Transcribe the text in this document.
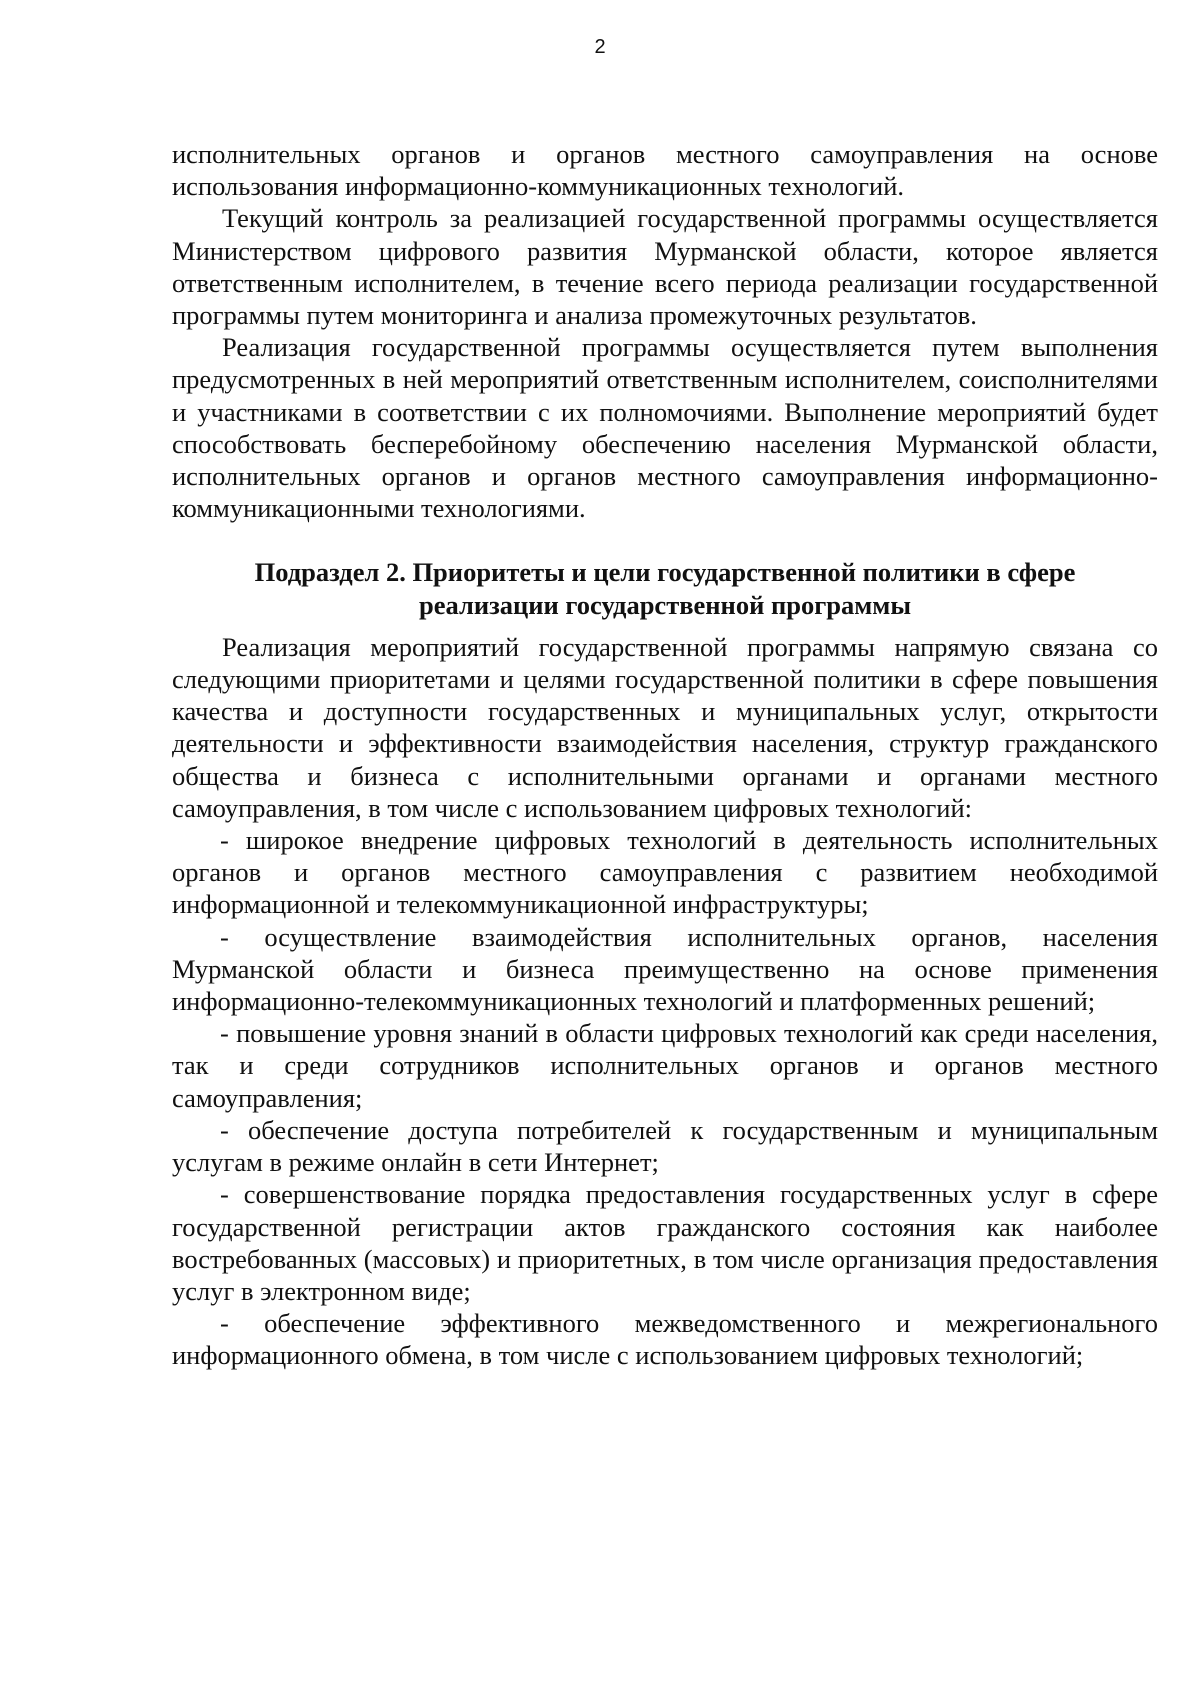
2

исполнительных органов и органов местного самоуправления на основе использования информационно-коммуникационных технологий.

Текущий контроль за реализацией государственной программы осуществляется Министерством цифрового развития Мурманской области, которое является ответственным исполнителем, в течение всего периода реализации государственной программы путем мониторинга и анализа промежуточных результатов.

Реализация государственной программы осуществляется путем выполнения предусмотренных в ней мероприятий ответственным исполнителем, соисполнителями и участниками в соответствии с их полномочиями. Выполнение мероприятий будет способствовать бесперебойному обеспечению населения Мурманской области, исполнительных органов и органов местного самоуправления информационно-коммуникационными технологиями.

Подраздел 2. Приоритеты и цели государственной политики в сфере реализации государственной программы

Реализация мероприятий государственной программы напрямую связана со следующими приоритетами и целями государственной политики в сфере повышения качества и доступности государственных и муниципальных услуг, открытости деятельности и эффективности взаимодействия населения, структур гражданского общества и бизнеса с исполнительными органами и органами местного самоуправления, в том числе с использованием цифровых технологий:

- широкое внедрение цифровых технологий в деятельность исполнительных органов и органов местного самоуправления с развитием необходимой информационной и телекоммуникационной инфраструктуры;

- осуществление взаимодействия исполнительных органов, населения Мурманской области и бизнеса преимущественно на основе применения информационно-телекоммуникационных технологий и платформенных решений;

- повышение уровня знаний в области цифровых технологий как среди населения, так и среди сотрудников исполнительных органов и органов местного самоуправления;

- обеспечение доступа потребителей к государственным и муниципальным услугам в режиме онлайн в сети Интернет;

- совершенствование порядка предоставления государственных услуг в сфере государственной регистрации актов гражданского состояния как наиболее востребованных (массовых) и приоритетных, в том числе организация предоставления услуг в электронном виде;

- обеспечение эффективного межведомственного и межрегионального информационного обмена, в том числе с использованием цифровых технологий;
